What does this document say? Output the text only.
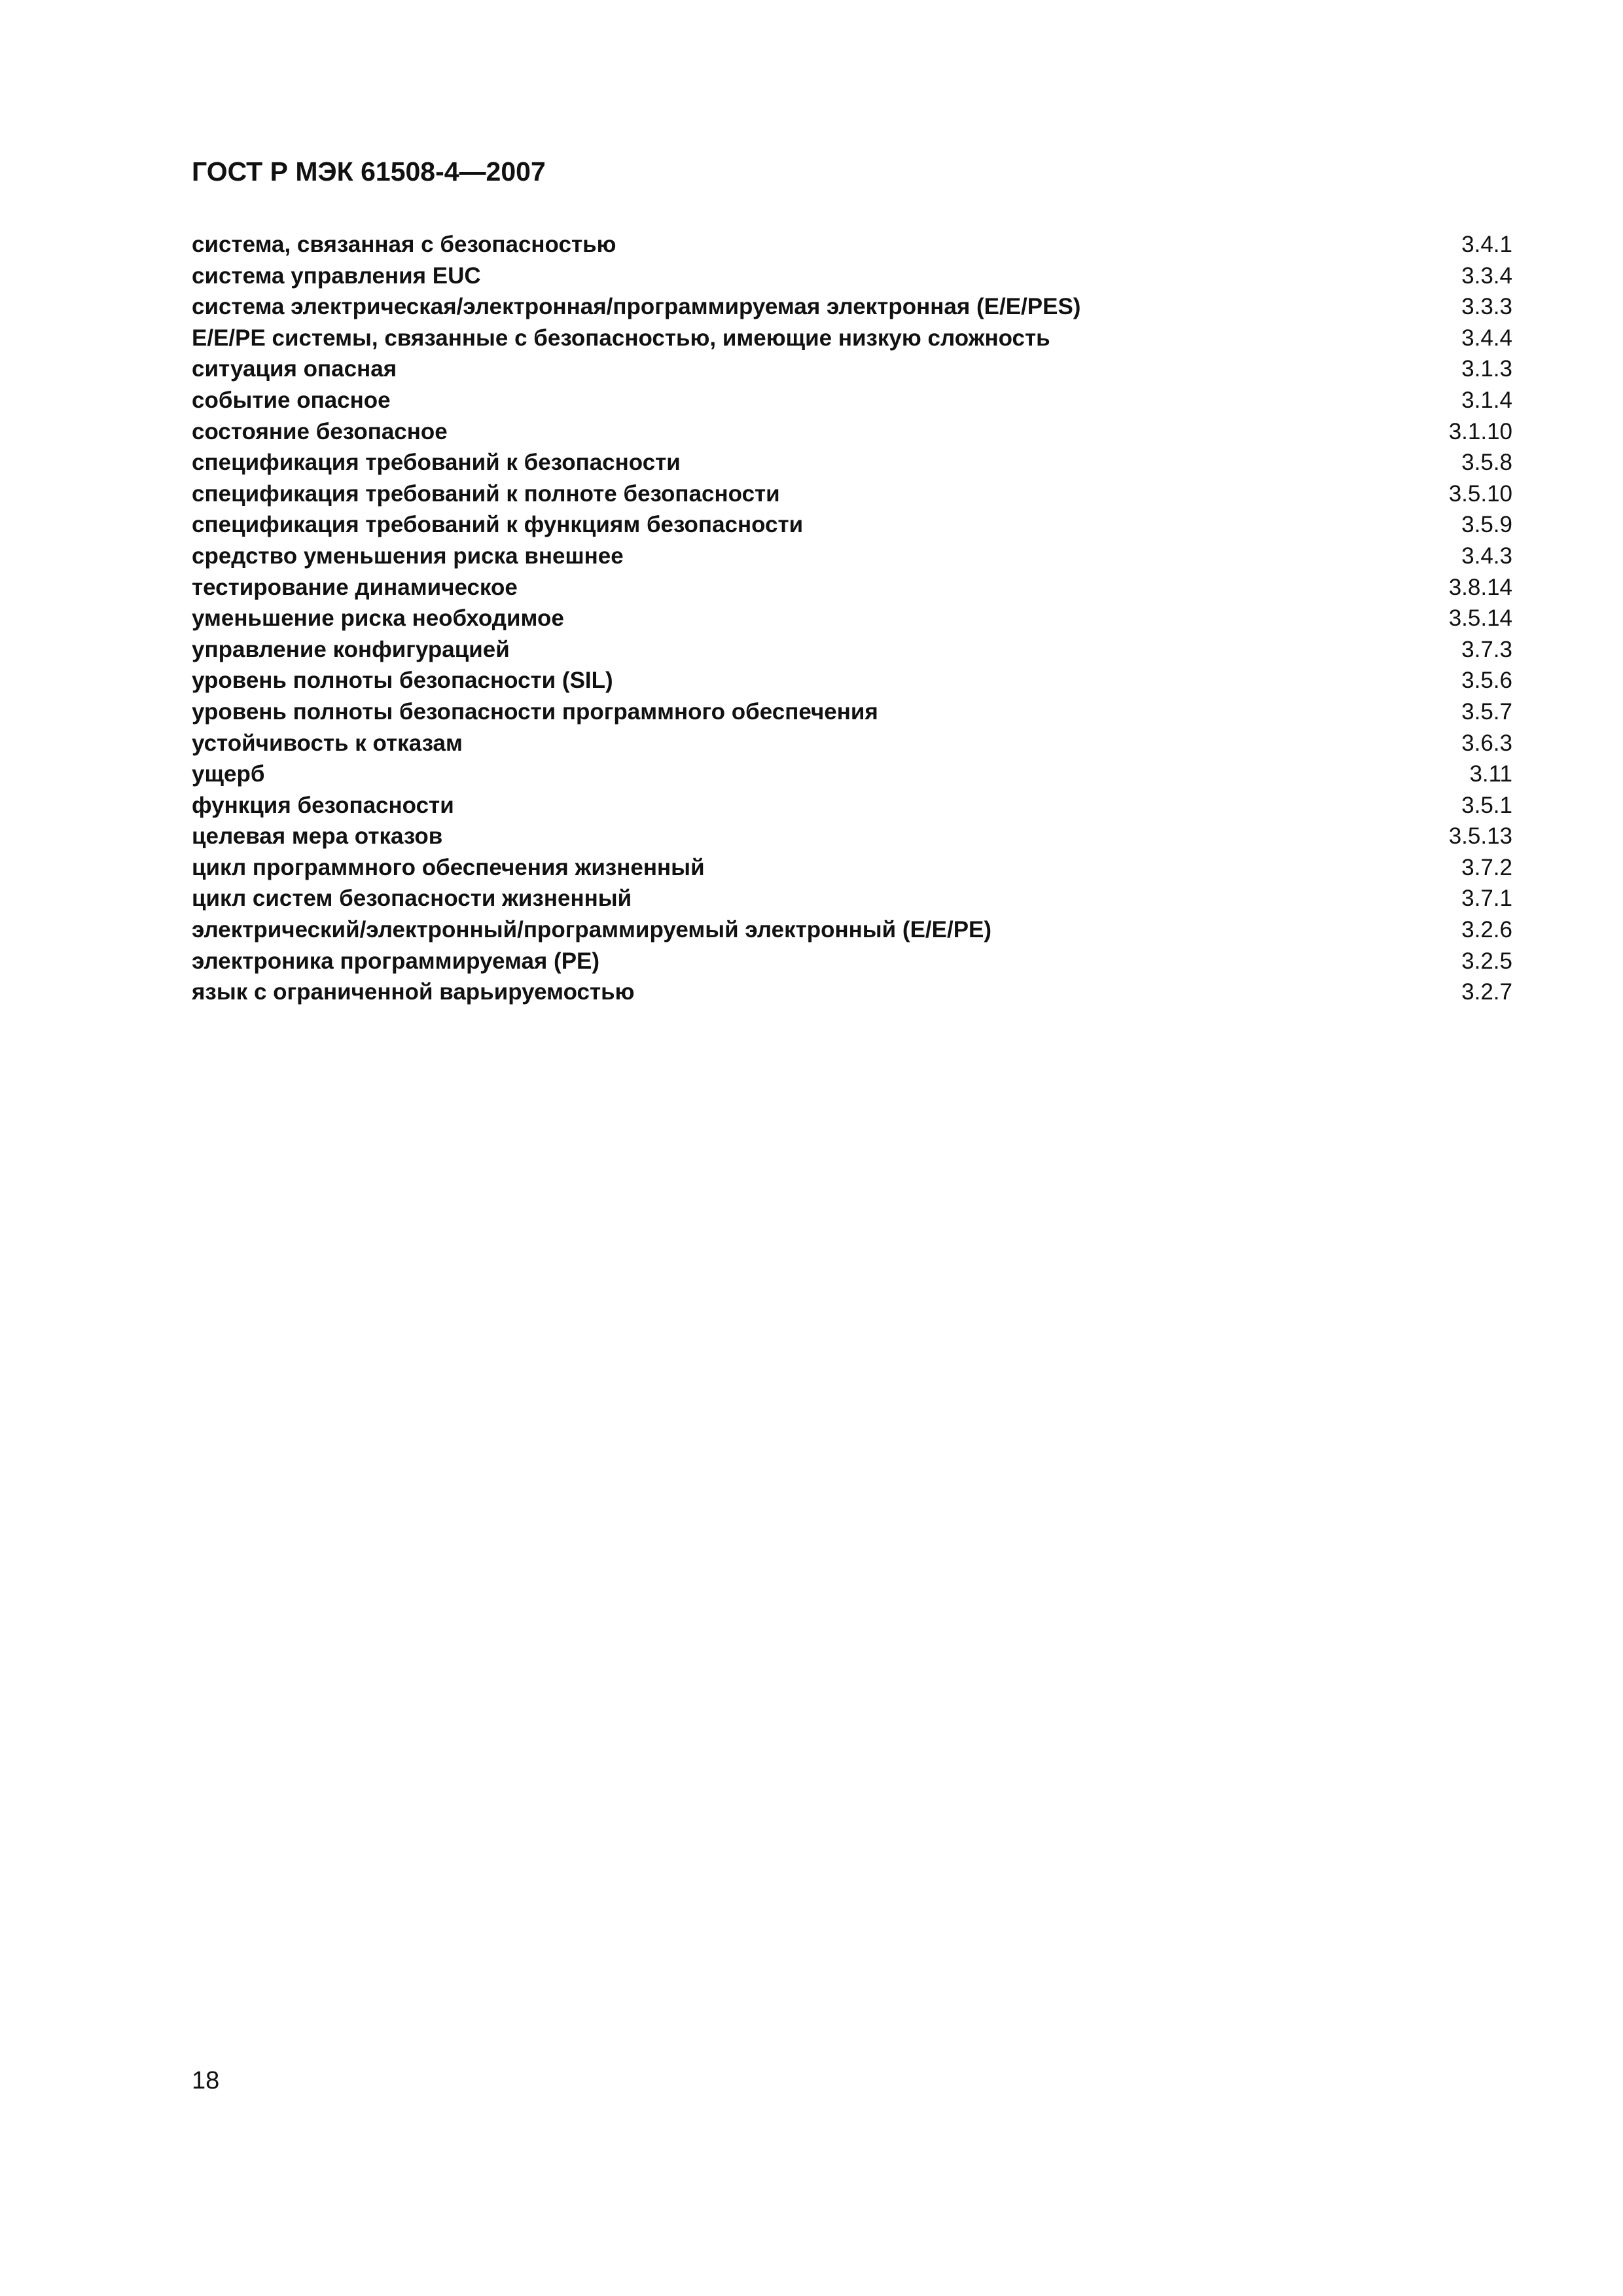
ГОСТ Р МЭК 61508-4—2007
система, связанная с безопасностью	3.4.1
система управления EUC	3.3.4
система электрическая/электронная/программируемая электронная (E/E/PES)	3.3.3
E/E/PE системы, связанные с безопасностью, имеющие низкую сложность	3.4.4
ситуация опасная	3.1.3
событие опасное	3.1.4
состояние безопасное	3.1.10
спецификация требований к безопасности	3.5.8
спецификация требований к полноте безопасности	3.5.10
спецификация требований к функциям безопасности	3.5.9
средство уменьшения риска внешнее	3.4.3
тестирование динамическое	3.8.14
уменьшение риска необходимое	3.5.14
управление конфигурацией	3.7.3
уровень полноты безопасности (SIL)	3.5.6
уровень полноты безопасности программного обеспечения	3.5.7
устойчивость к отказам	3.6.3
ущерб	3.11
функция безопасности	3.5.1
целевая мера отказов	3.5.13
цикл программного обеспечения жизненный	3.7.2
цикл систем безопасности жизненный	3.7.1
электрический/электронный/программируемый электронный (E/E/PE)	3.2.6
электроника программируемая (PE)	3.2.5
язык с ограниченной варьируемостью	3.2.7
18
